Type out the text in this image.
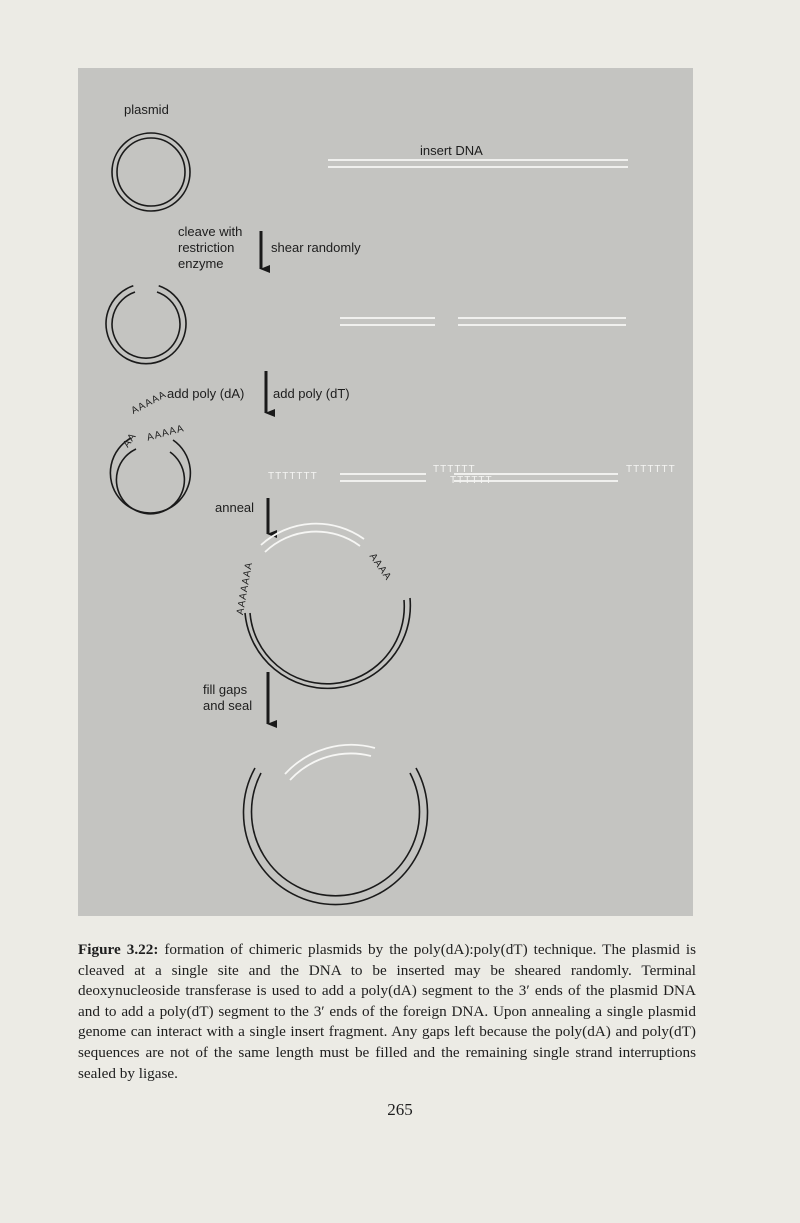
plasmid
insert DNA
cleave with
restriction
enzyme
shear randomly
add poly (dA) add poly (dT)
anneal
fill gaps
and seal
AAAAA
AAAAA
AA
TTTTTTT
TTTTTT
TTTTTT
TTTTTTT
AAAAAAA	AAAA

Figure 3.22: formation of chimeric plasmids by the poly(dA):poly(dT) technique. The plasmid is cleaved at a single site and the DNA to be inserted may be sheared randomly. Terminal deoxynucleoside transferase is used to add a poly(dA) segment to the 3′ ends of the plasmid DNA and to add a poly(dT) segment to the 3′ ends of the foreign DNA. Upon annealing a single plasmid genome can interact with a single insert fragment. Any gaps left because the poly(dA) and poly(dT) sequences are not of the same length must be filled and the remaining single strand interruptions sealed by ligase.

265
